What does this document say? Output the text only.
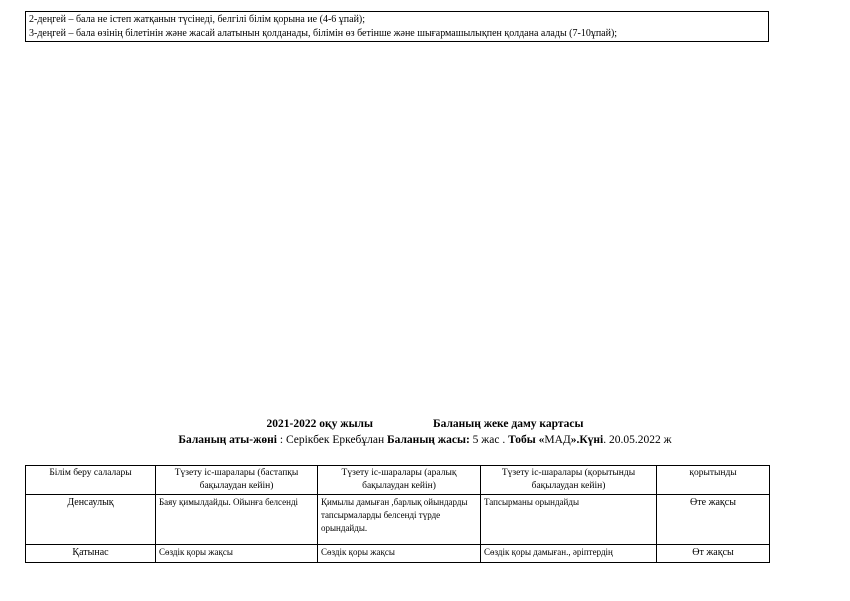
2-деңгей – бала не істеп жатқанын түсінеді, белгілі білім қорына ие (4-6 ұпай);
3-деңгей – бала өзінің білетінін және жасай алатынын қолданады, білімін өз бетінше және шығармашылықпен қолдана алады (7-10ұпай);
2021-2022 оқу жылы	Баланың жеке даму картасы
Баланың аты-жөні : Серікбек Еркебұлан Баланың жасы: 5 жас . Тобы «МАД».Күні. 20.05.2022 ж
Білім беру салалары	Түзету іс-шаралары (бастапқы бақылаудан кейін)	Түзету іс-шаралары (аралық бақылаудан кейін)	Түзету іс-шаралары (қорытынды бақылаудан кейін)	қорытынды
Денсаулық	Баяу қимылдайды. Ойынға белсенді	Қимылы дамыған ,барлық ойындарды тапсырмаларды белсенді түрде орындайды.	Тапсырманы орындайды	Өте жақсы
Қатынас	Сөздік қоры жақсы	Сөздік қоры жақсы	Сөздік қоры дамыған., әріптердің	Өт жақсы
